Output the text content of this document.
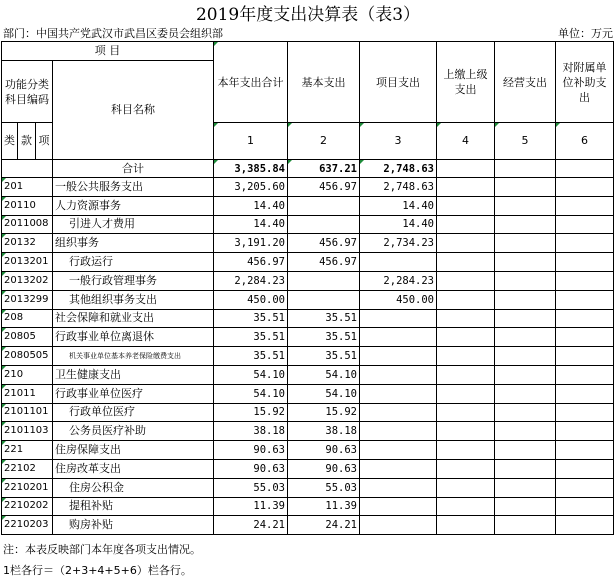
2019年度支出决算表（表3）
部门：中国共产党武汉市武昌区委员会组织部	单位：万元
项 目				本年支出合计	基本支出	项目支出	上缴上级支出	经营支出	对附属单位补助支出
功能分类科目编码			科目名称						

类	款	项		1	2	3	4	5	6
			合计	3,385.84	637.21	2,748.63			
201			一般公共服务支出	3,205.60	456.97	2,748.63			
20110			人力资源事务	14.40		14.40			
2011008			引进人才费用	14.40		14.40			
20132			组织事务	3,191.20	456.97	2,734.23			
2013201			行政运行	456.97	456.97				
2013202			一般行政管理事务	2,284.23		2,284.23			
2013299			其他组织事务支出	450.00		450.00			
208			社会保障和就业支出	35.51	35.51				
20805			行政事业单位离退休	35.51	35.51				
2080505			机关事业单位基本养老保险缴费支出	35.51	35.51				
210			卫生健康支出	54.10	54.10				
21011			行政事业单位医疗	54.10	54.10				
2101101			行政单位医疗	15.92	15.92				
2101103			公务员医疗补助	38.18	38.18				
221			住房保障支出	90.63	90.63				
22102			住房改革支出	90.63	90.63				
2210201			住房公积金	55.03	55.03				
2210202			提租补贴	11.39	11.39				
2210203			购房补贴	24.21	24.21				
注：本表反映部门本年度各项支出情况。
1栏各行＝（2+3+4+5+6）栏各行。
